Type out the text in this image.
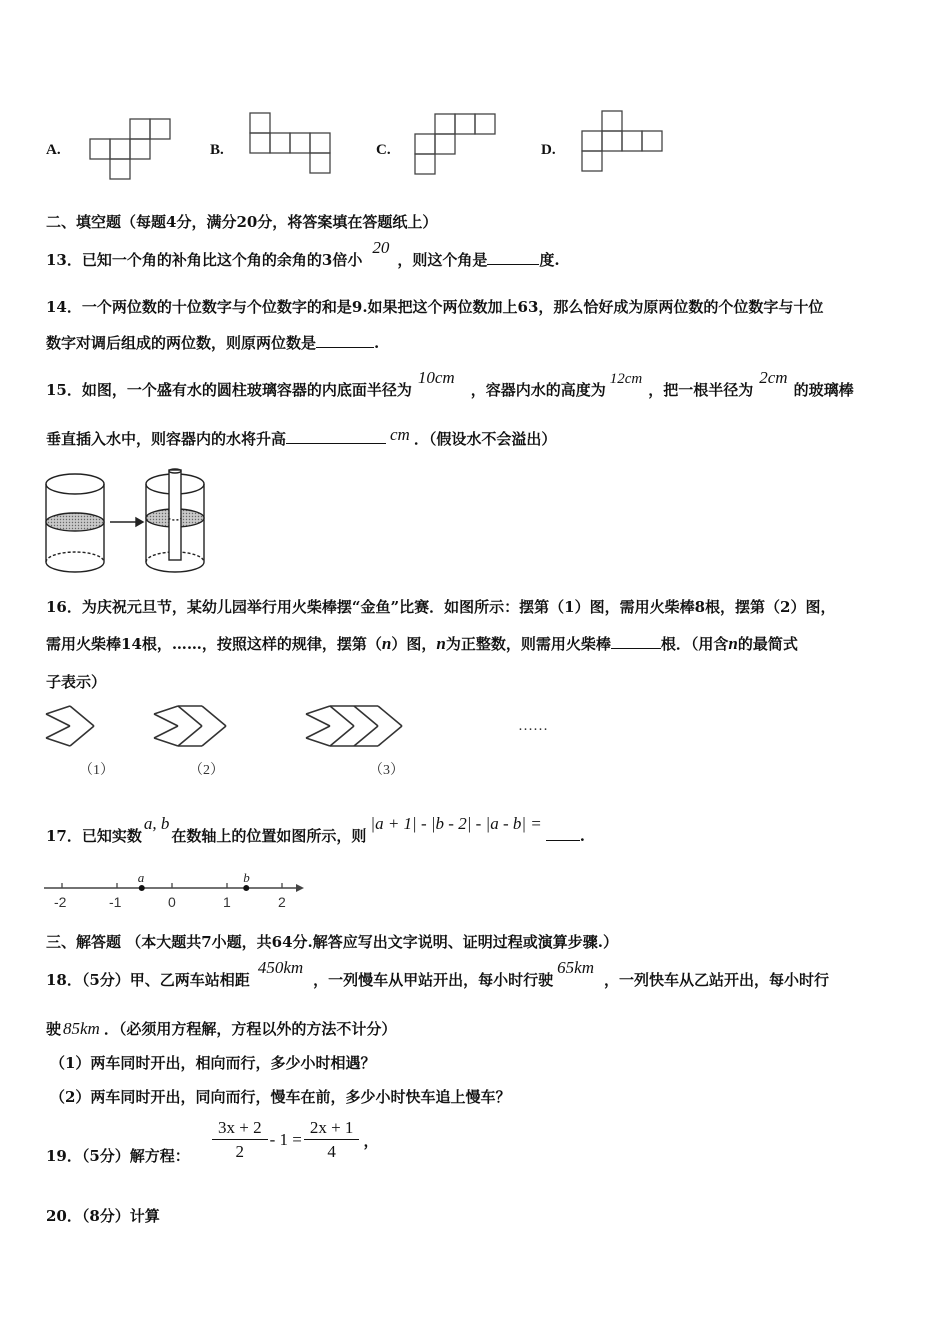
A.	B.	C.	D.
二、填空题（每题4分，满分20分，将答案填在答题纸上）
13．已知一个角的补角比这个角的余角的3倍小20，则这个角是	度.
14．一个两位数的十位数字与个位数字的和是9.如果把这个两位数加上63，那么恰好成为原两位数的个位数字与十位
数字对调后组成的两位数，则原两位数是	.
15．如图，一个盛有水的圆柱玻璃容器的内底面半径为10cm，容器内水的高度为12cm，把一根半径为2cm的玻璃棒
垂直插入水中，则容器内的水将升高	cm ．（假设水不会溢出）
16．为庆祝元旦节，某幼儿园举行用火柴棒摆“金鱼”比赛．如图所示：摆第（1）图，需用火柴棒8根，摆第（2）图，
需用火柴棒14根，……，按照这样的规律，摆第（n）图，n为正整数，则需用火柴棒	根．（用含n的最简式
子表示）
（1）	（2）	（3）
……
17．已知实数a, b在数轴上的位置如图所示，则|a + 1| - |b - 2| - |a - b| =.
-2	-1	0	1	2
a	b
三、解答题 （本大题共7小题，共64分.解答应写出文字说明、证明过程或演算步骤.）
18．（5分）甲、乙两车站相距450km，一列慢车从甲站开出，每小时行驶65km，一列快车从乙站开出，每小时行
驶 85km ．（必须用方程解，方程以外的方法不计分）
（1）两车同时开出，相向而行，多少小时相遇？
（2）两车同时开出，同向而行，慢车在前，多少小时快车追上慢车？
19．（5分）解方程： $\frac{3x + 2}{2} - 1 = \frac{2x + 1}{4}$ ，
20．（8分）计算
